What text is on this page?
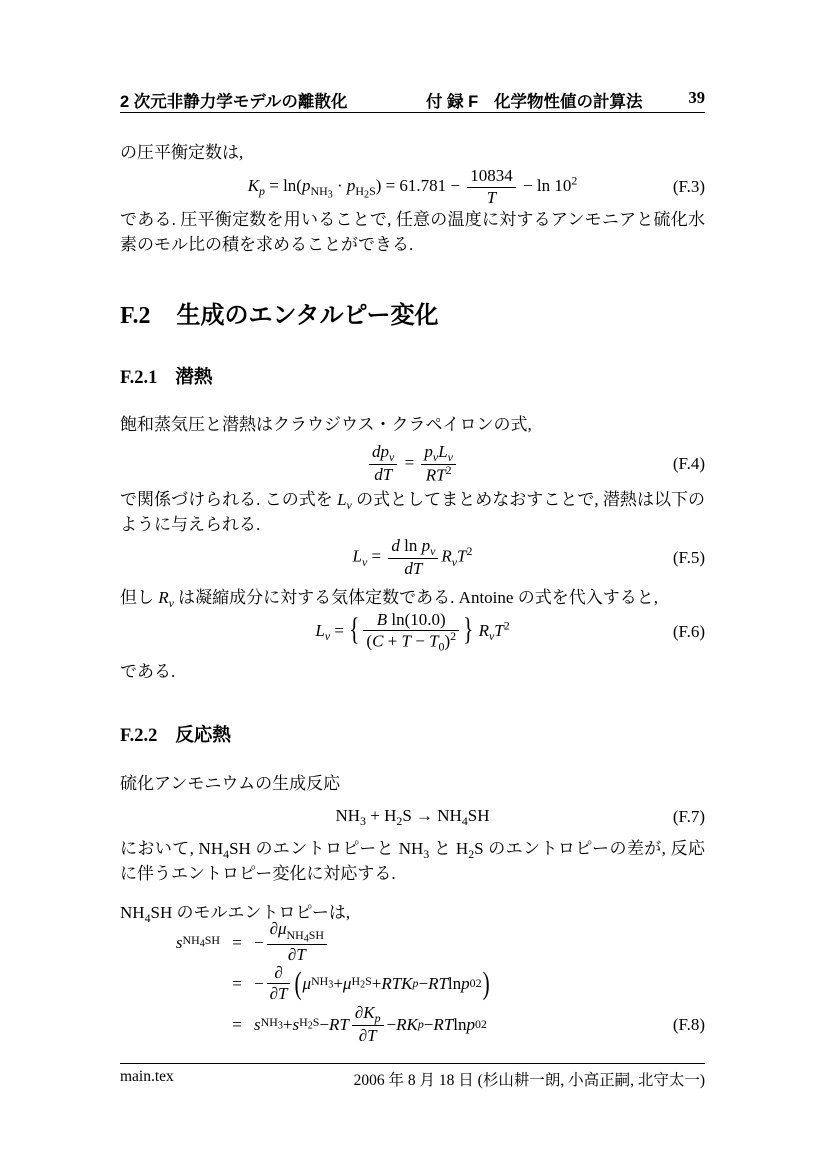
2 次元非静力学モデルの離散化	付 録 F 化学物性値の計算法	39
の圧平衡定数は,
$K_p = \ln(p_{NH_3} \cdot p_{H_2S}) = 61.781 - \frac{10834}{T} - \ln 10^2$	(F.3)
である. 圧平衡定数を用いることで, 任意の温度に対するアンモニアと硫化水素のモル比の積を求めることができる.
F.2 生成のエンタルピー変化
F.2.1 潜熱
飽和蒸気圧と潜熱はクラウジウス・クラペイロンの式,
$\frac{dp_v}{dT} = \frac{p_vL_v}{RT^2}$	(F.4)
で関係づけられる. この式を $L_v$ の式としてまとめなおすことで, 潜熱は以下のように与えられる.
$L_v = \frac{d \ln p_v}{dT} R_vT^2$	(F.5)
但し $R_v$ は凝縮成分に対する気体定数である. Antoine の式を代入すると,
$L_v$ = { $\frac{\text{B ln(10.0)}}{(C + T - T_0)^2}$ } $R_vT^2$	(F.6)
である.
F.2.2 反応熱
硫化アンモニウムの生成反応
$NH_3 + H_2S \to NH_4SH$	(F.7)
において, $NH_4SH$ のエントロピーと $NH_3$ と $H_2S$ のエントロピーの差が, 反応に伴うエントロピー変化に対応する.
$NH_4SH$ のモルエントロピーは,
s $NH_4SH$ = − $\frac{\partial\mu_{NH_4SH}}{\partial T}$
= − $\frac{\partial}{\partial T}$ ( μ $NH_3 + \mu$ $H_2S$ + RTK p − RT ln p 0 2 )
= s $NH_3 + s$ $H_2S$ − RT $\frac{\partial K_p}{\partial T}$ − RK p − RT ln p 0 2	(F.8)
main.tex	2006 年 8 月 18 日 (杉山耕一朗, 小高正嗣, 北守太一)
